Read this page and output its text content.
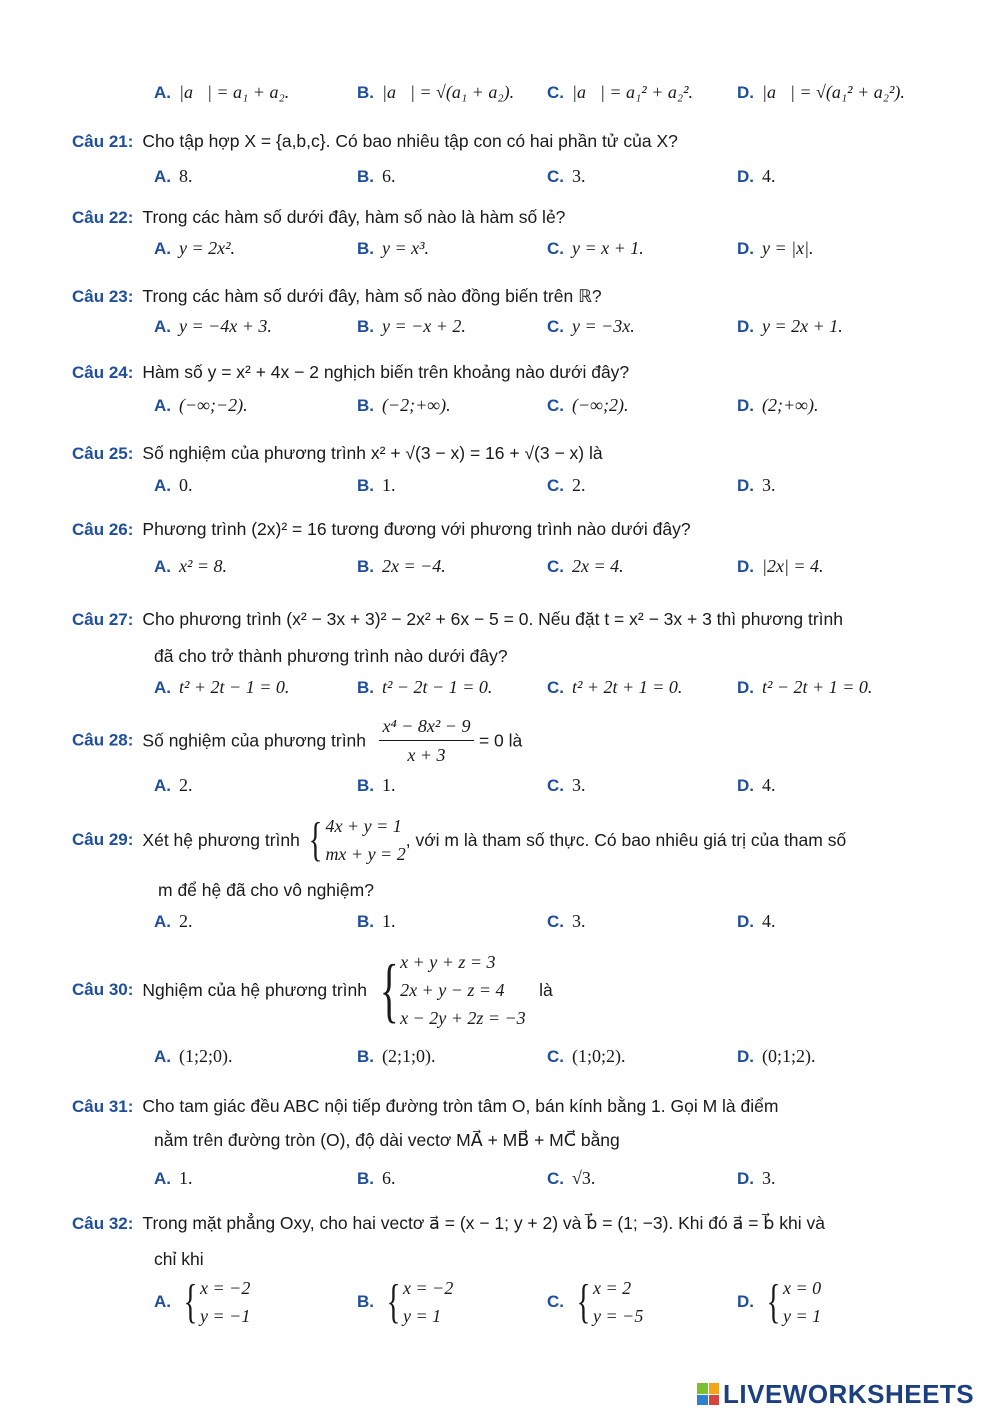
A. |a⃗| = a₁ + a₂.	B. |a⃗| = √(a₁ + a₂). C. |a⃗| = a₁² + a₂².	D. |a⃗| = √(a₁² + a₂²).
Câu 21: Cho tập hợp X = {a,b,c}. Có bao nhiêu tập con có hai phần tử của X?
A. 8.	B. 6.	C. 3.	D. 4.
Câu 22: Trong các hàm số dưới đây, hàm số nào là hàm số lẻ?
A. y = 2x².	B. y = x³.	C. y = x + 1.	D. y = |x|.
Câu 23: Trong các hàm số dưới đây, hàm số nào đồng biến trên ℝ?
A. y = −4x + 3.	B. y = −x + 2.	C. y = −3x.	D. y = 2x + 1.
Câu 24: Hàm số y = x² + 4x − 2 nghịch biến trên khoảng nào dưới đây?
A. (−∞;−2).	B. (−2;+∞).	C. (−∞;2).	D. (2;+∞).
Câu 25: Số nghiệm của phương trình x² + √(3 − x) = 16 + √(3 − x) là
A. 0.	B. 1.	C. 2.	D. 3.
Câu 26: Phương trình (2x)² = 16 tương đương với phương trình nào dưới đây?
A. x² = 8.	B. 2x = −4.	C. 2x = 4.	D. |2x| = 4.
Câu 27: Cho phương trình (x² − 3x + 3)² − 2x² + 6x − 5 = 0. Nếu đặt t = x² − 3x + 3 thì phương trình
đã cho trở thành phương trình nào dưới đây?
A. t² + 2t − 1 = 0.	B. t² − 2t − 1 = 0.	C. t² + 2t + 1 = 0.	D. t² − 2t + 1 = 0.
Câu 28: Số nghiệm của phương trình $\frac{\text{x⁴ − 8x² − 9}}{x + 3} = 0$ là
A. 2.	B. 1.	C. 3.	D. 4.
Câu 29: Xét hệ phương trình { 4x + y = 1
mx + y = 2
, với m là tham số thực. Có bao nhiêu giá trị của tham số
m để hệ đã cho vô nghiệm?
A. 2.	B. 1.	C. 3.	D. 4.
Câu 30: Nghiệm của hệ phương trình { x + y + z = 3
2x + y − z = 4
x − 2y + 2z = −3
là
A. (1;2;0).	B. (2;1;0).	C. (1;0;2).	D. (0;1;2).
Câu 31: Cho tam giác đều ABC nội tiếp đường tròn tâm O, bán kính bằng 1. Gọi M là điểm
nằm trên đường tròn (O), độ dài vectơ MA⃗ + MB⃗ + MC⃗ bằng
A. 1.	B. 6.	C. √3.	D. 3.
Câu 32: Trong mặt phẳng Oxy, cho hai vectơ a⃗ = (x − 1; y + 2) và b⃗ = (1; −3). Khi đó a⃗ = b⃗ khi và
chỉ khi
A. { x = −2
y = −1
B. { x = −2
y = 1
C. { x = 2
y = −5
D. { x = 0
y = 1
LIVEWORKSHEETS
